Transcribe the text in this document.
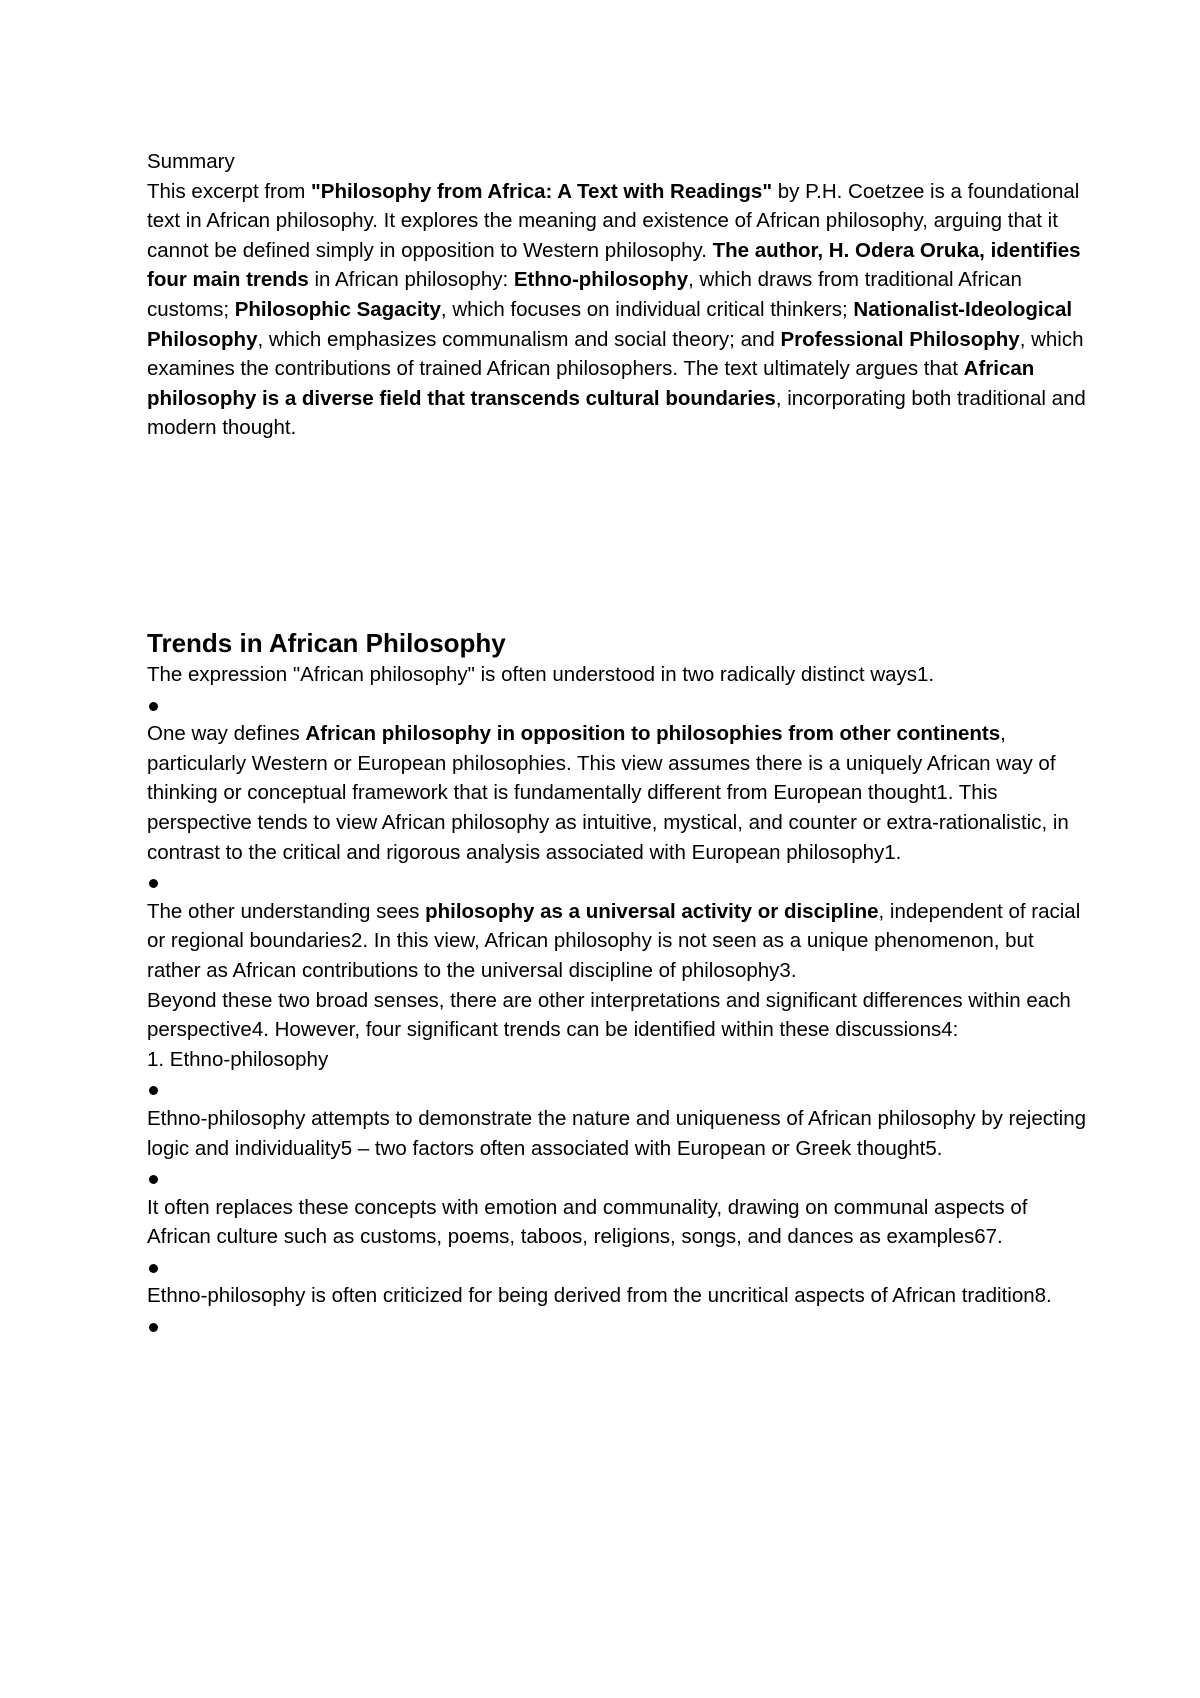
Summary

This excerpt from "Philosophy from Africa: A Text with Readings" by P.H. Coetzee is a foundational text in African philosophy. It explores the meaning and existence of African philosophy, arguing that it cannot be defined simply in opposition to Western philosophy. The author, H. Odera Oruka, identifies four main trends in African philosophy: Ethno-philosophy, which draws from traditional African customs; Philosophic Sagacity, which focuses on individual critical thinkers; Nationalist-Ideological Philosophy, which emphasizes communalism and social theory; and Professional Philosophy, which examines the contributions of trained African philosophers. The text ultimately argues that African philosophy is a diverse field that transcends cultural boundaries, incorporating both traditional and modern thought.

Trends in African Philosophy

The expression "African philosophy" is often understood in two radically distinct ways1.

One way defines African philosophy in opposition to philosophies from other continents, particularly Western or European philosophies. This view assumes there is a uniquely African way of thinking or conceptual framework that is fundamentally different from European thought1. This perspective tends to view African philosophy as intuitive, mystical, and counter or extra-rationalistic, in contrast to the critical and rigorous analysis associated with European philosophy1.

The other understanding sees philosophy as a universal activity or discipline, independent of racial or regional boundaries2. In this view, African philosophy is not seen as a unique phenomenon, but rather as African contributions to the universal discipline of philosophy3.

Beyond these two broad senses, there are other interpretations and significant differences within each perspective4. However, four significant trends can be identified within these discussions4:

1. Ethno-philosophy

Ethno-philosophy attempts to demonstrate the nature and uniqueness of African philosophy by rejecting logic and individuality5 – two factors often associated with European or Greek thought5.

It often replaces these concepts with emotion and communality, drawing on communal aspects of African culture such as customs, poems, taboos, religions, songs, and dances as examples67.

Ethno-philosophy is often criticized for being derived from the uncritical aspects of African tradition8.
